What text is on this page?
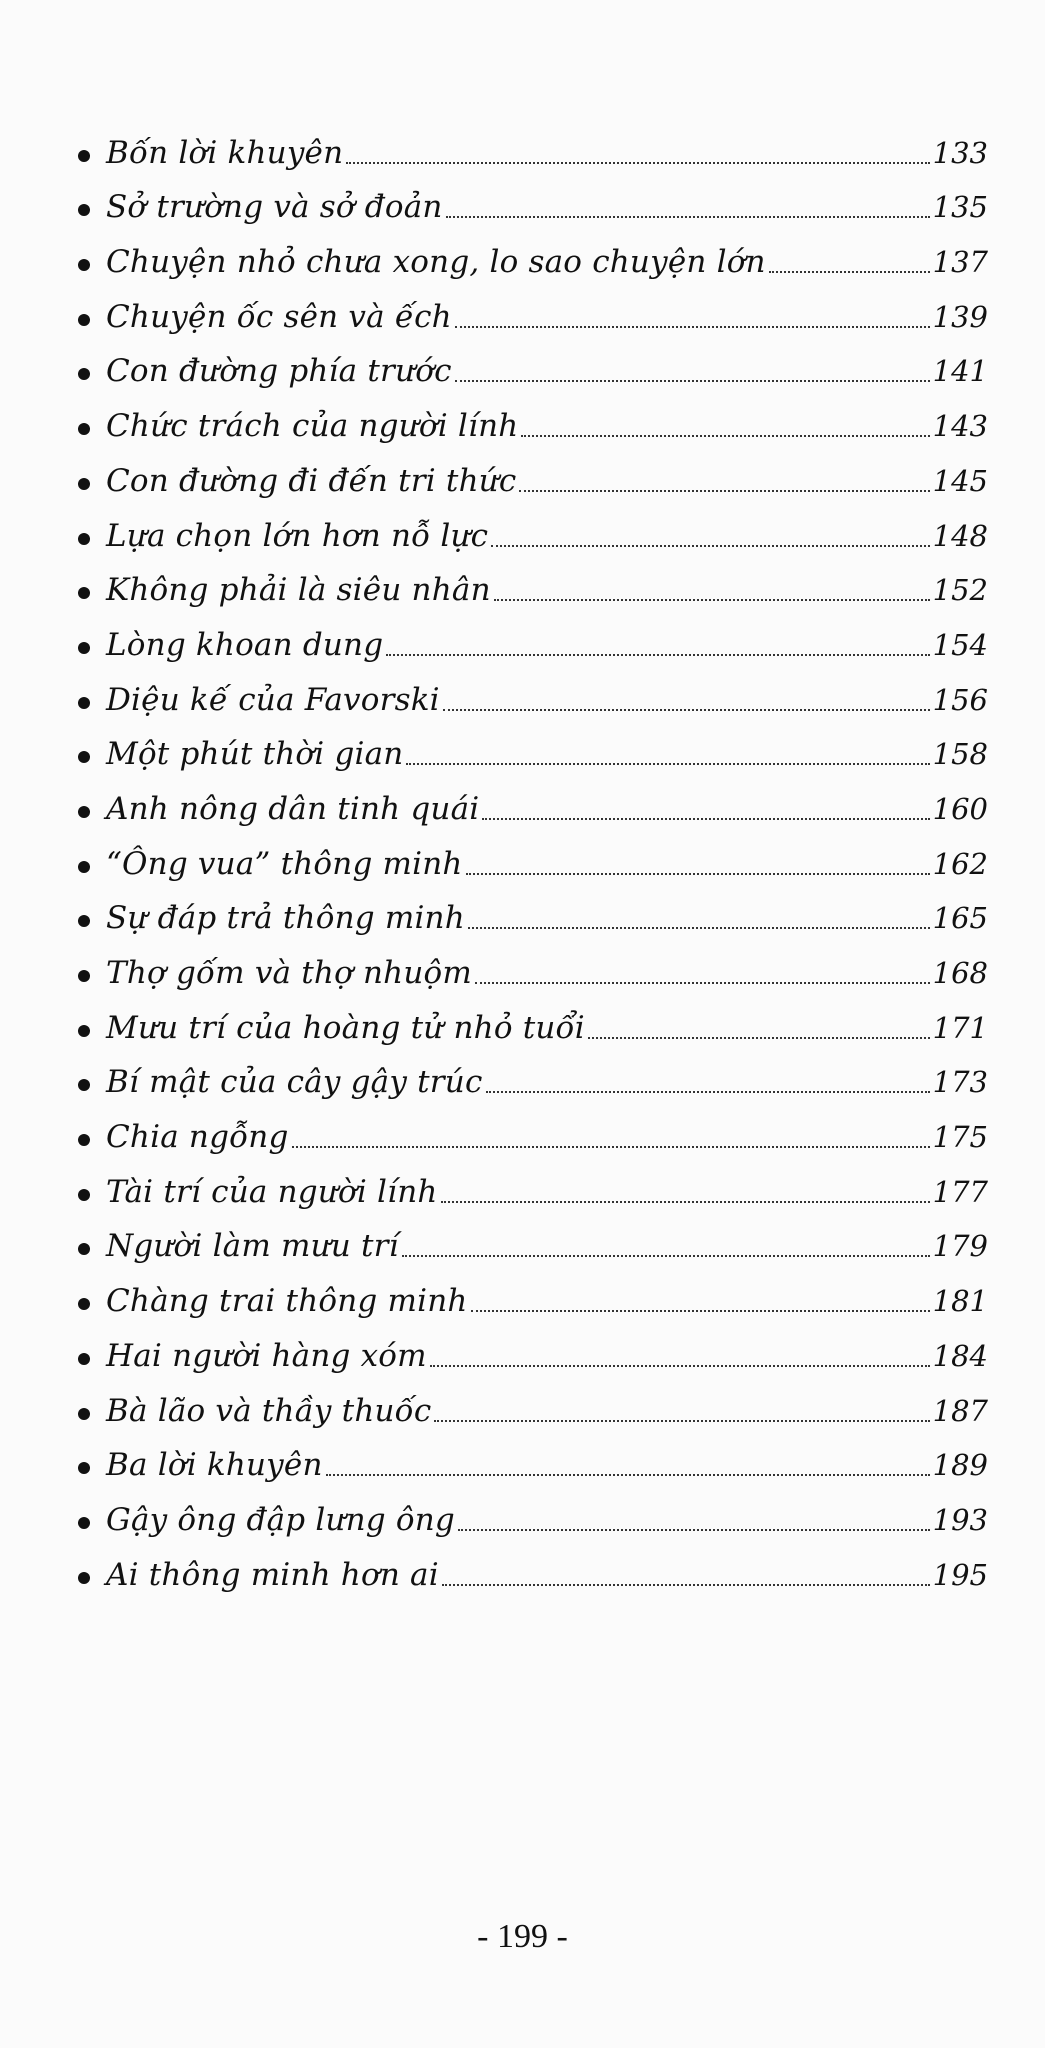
Bốn lời khuyên	133
Sở trường và sở đoản	135
Chuyện nhỏ chưa xong, lo sao chuyện lớn	137
Chuyện ốc sên và ếch	139
Con đường phía trước	141
Chức trách của người lính	143
Con đường đi đến tri thức	145
Lựa chọn lớn hơn nỗ lực	148
Không phải là siêu nhân	152
Lòng khoan dung	154
Diệu kế của Favorski	156
Một phút thời gian	158
Anh nông dân tinh quái	160
“Ông vua” thông minh	162
Sự đáp trả thông minh	165
Thợ gốm và thợ nhuộm	168
Mưu trí của hoàng tử nhỏ tuổi	171
Bí mật của cây gậy trúc	173
Chia ngỗng	175
Tài trí của người lính	177
Người làm mưu trí	179
Chàng trai thông minh	181
Hai người hàng xóm	184
Bà lão và thầy thuốc	187
Ba lời khuyên	189
Gậy ông đập lưng ông	193
Ai thông minh hơn ai	195
- 199 -
